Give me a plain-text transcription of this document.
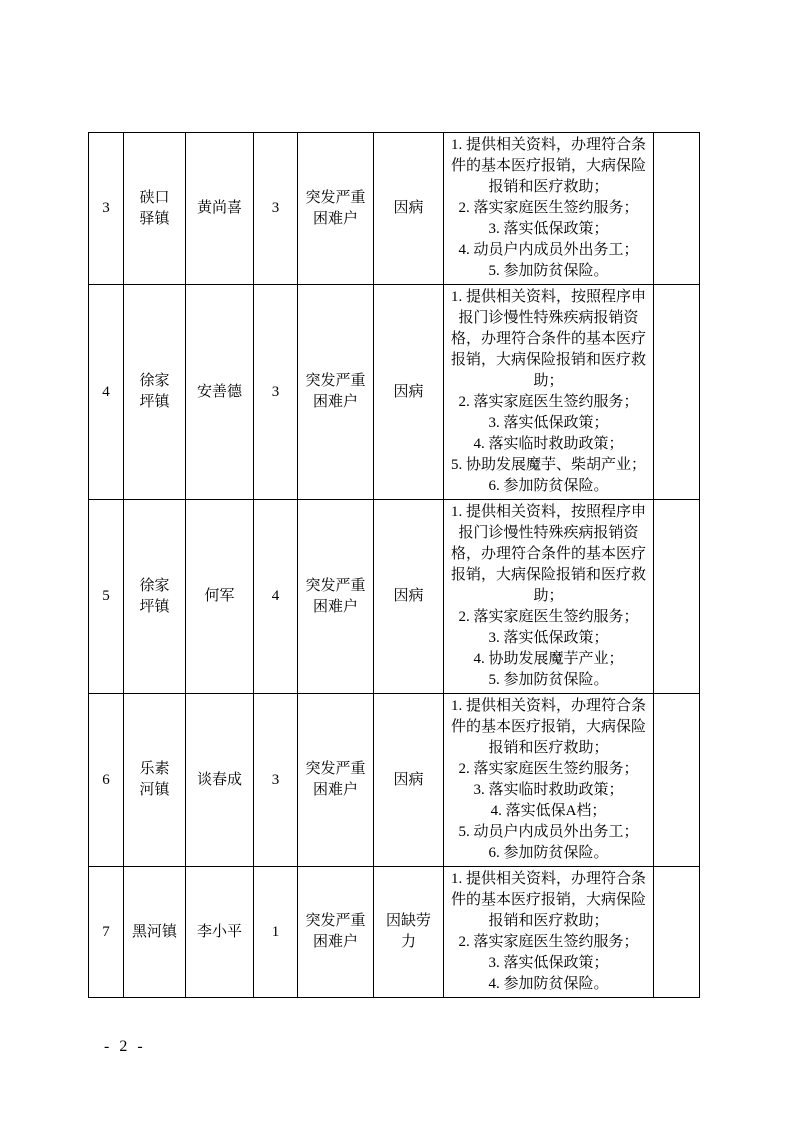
3	硖口驿镇	黄尚喜	3	突发严重困难户	因病	1. 提供相关资料，办理符合条件的基本医疗报销，大病保险报销和医疗救助；
2. 落实家庭医生签约服务；
3. 落实低保政策；
4. 动员户内成员外出务工；
5. 参加防贫保险。	

4	徐家坪镇	安善德	3	突发严重困难户	因病	
1. 提供相关资料，按照程序申报门诊慢性特殊疾病报销资格，办理符合条件的基本医疗报销，大病保险报销和医疗救助；
2. 落实家庭医生签约服务；
3. 落实低保政策；
4. 落实临时救助政策；
5. 协助发展魔芋、柴胡产业；
6. 参加防贫保险。

5	徐家坪镇	何军	4	突发严重困难户	因病	1. 提供相关资料，按照程序申报门诊慢性特殊疾病报销资格，办理符合条件的基本医疗报销，大病保险报销和医疗救助；
2. 落实家庭医生签约服务；
3. 落实低保政策；
4. 协助发展魔芋产业；
5. 参加防贫保险。	

6	乐素河镇	谈春成	3	突发严重困难户	因病	
1. 提供相关资料，办理符合条件的基本医疗报销，大病保险报销和医疗救助；
2. 落实家庭医生签约服务；
3. 落实临时救助政策；
4. 落实低保A档；
5. 动员户内成员外出务工；
6. 参加防贫保险。

7	黑河镇	李小平	1	突发严重困难户	因缺劳力	1. 提供相关资料，办理符合条件的基本医疗报销，大病保险报销和医疗救助；
2. 落实家庭医生签约服务；
3. 落实低保政策；
4. 参加防贫保险。	

- 2 -
